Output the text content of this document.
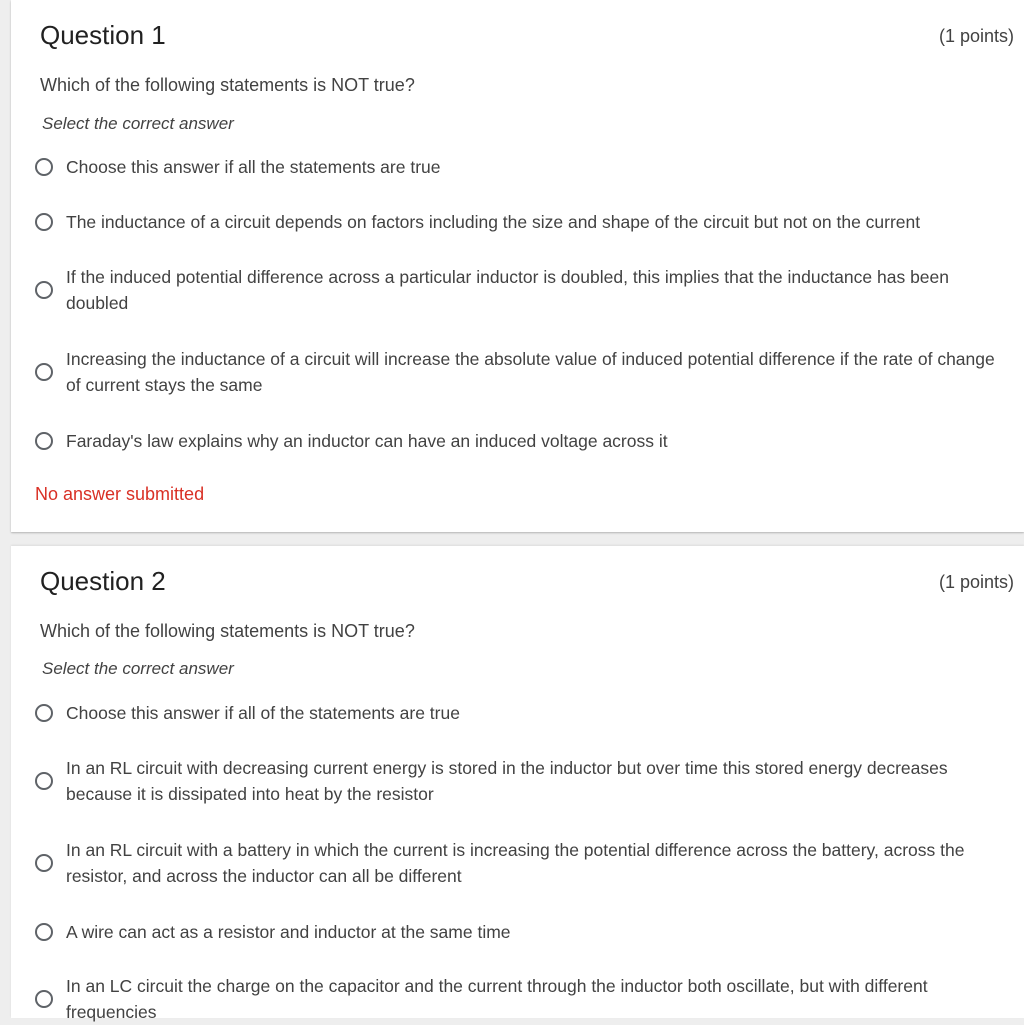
Question 1	(1 points)
Which of the following statements is NOT true?
Select the correct answer
Choose this answer if all the statements are true
The inductance of a circuit depends on factors including the size and shape of the circuit but not on the current
If the induced potential difference across a particular inductor is doubled, this implies that the inductance has been doubled
Increasing the inductance of a circuit will increase the absolute value of induced potential difference if the rate of change of current stays the same
Faraday's law explains why an inductor can have an induced voltage across it
No answer submitted
Question 2	(1 points)
Which of the following statements is NOT true?
Select the correct answer
Choose this answer if all of the statements are true
In an RL circuit with decreasing current energy is stored in the inductor but over time this stored energy decreases because it is dissipated into heat by the resistor
In an RL circuit with a battery in which the current is increasing the potential difference across the battery, across the resistor, and across the inductor can all be different
A wire can act as a resistor and inductor at the same time
In an LC circuit the charge on the capacitor and the current through the inductor both oscillate, but with different frequencies
